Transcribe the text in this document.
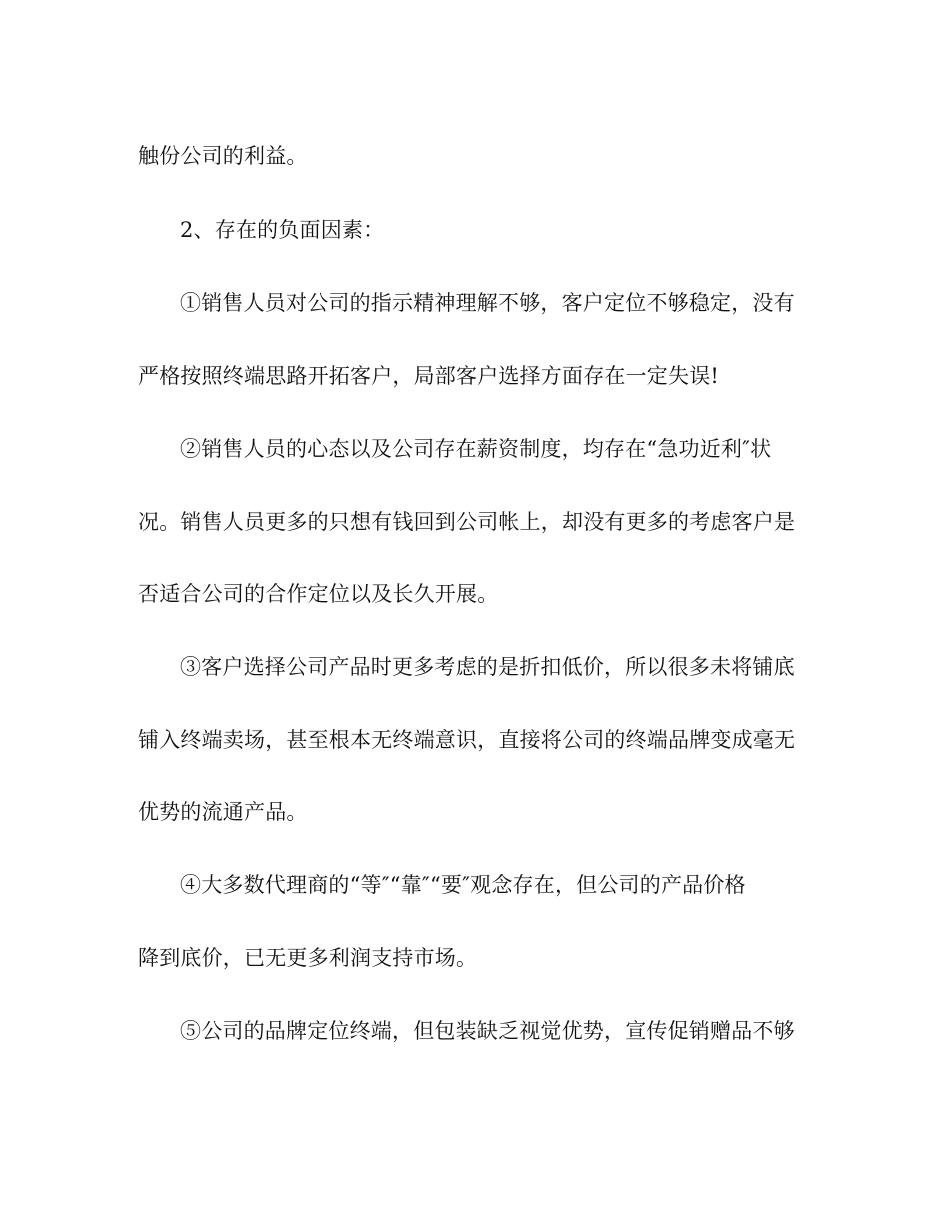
触份公司的利益。
2、存在的负面因素：
①销售人员对公司的指示精神理解不够，客户定位不够稳定，没有
严格按照终端思路开拓客户，局部客户选择方面存在一定失误!
②销售人员的心态以及公司存在薪资制度，均存在“急功近利″状
况。销售人员更多的只想有钱回到公司帐上，却没有更多的考虑客户是
否适合公司的合作定位以及长久开展。
③客户选择公司产品时更多考虑的是折扣低价，所以很多未将铺底
铺入终端卖场，甚至根本无终端意识，直接将公司的终端品牌变成毫无
优势的流通产品。
④大多数代理商的“等″“靠″“要″观念存在，但公司的产品价格
降到底价，已无更多利润支持市场。
⑤公司的品牌定位终端，但包装缺乏视觉优势，宣传促销赠品不够
